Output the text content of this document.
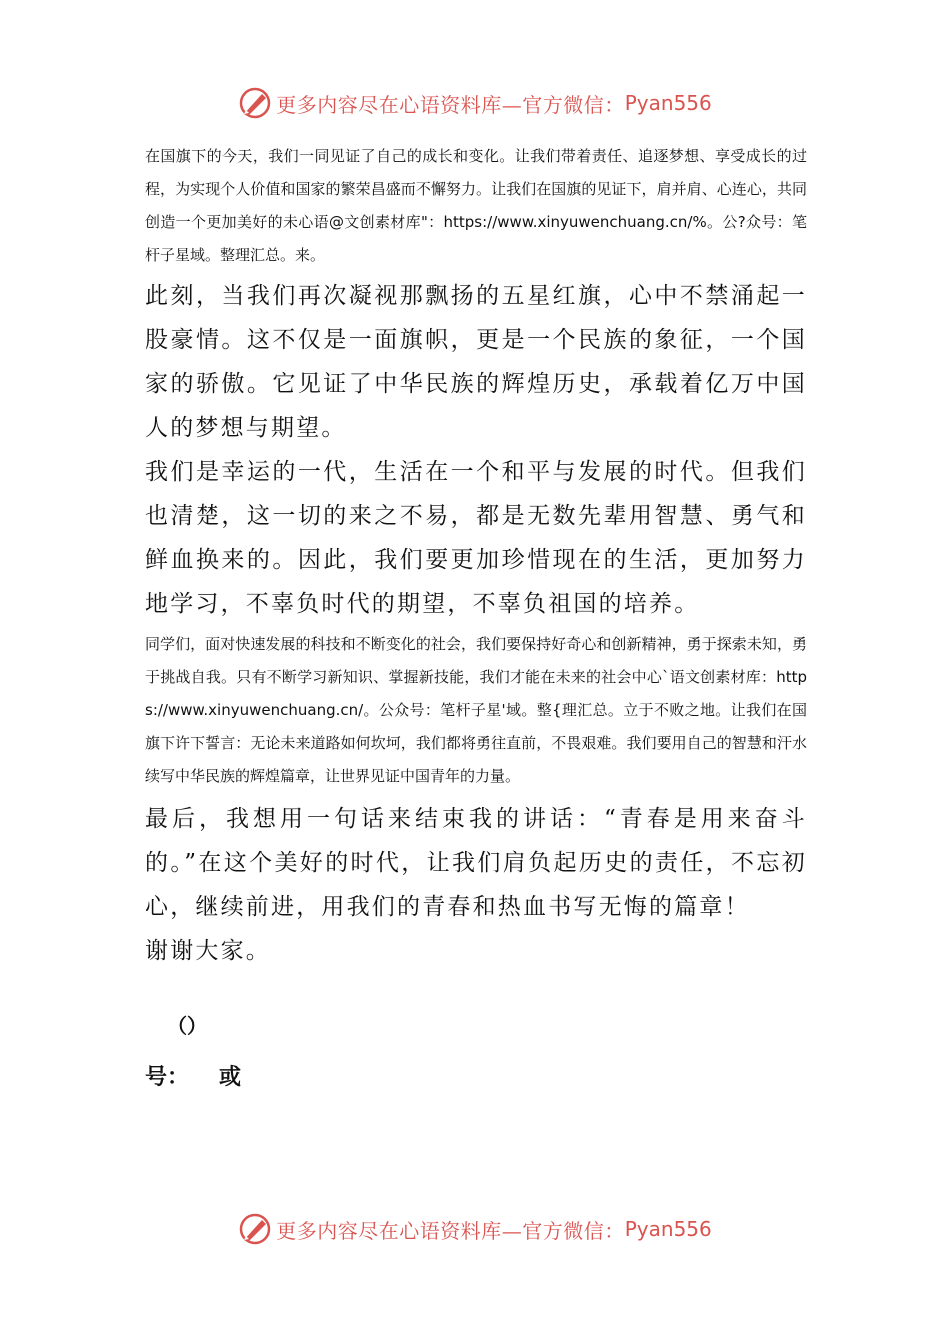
更多内容尽在心语资料库—官方微信： Pyan556

在国旗下的今天，我们一同见证了自己的成长和变化。让我们带着责任、追逐梦想、享受成长的过程，为实现个人价值和国家的繁荣昌盛而不懈努力。让我们在国旗的见证下，肩并肩、心连心，共同创造一个更加美好的未心语@文创素材库"：https://www.xinyuwenchuang.cn/%。公?众号：笔杆子星域。整理汇总。来。

此刻，当我们再次凝视那飘扬的五星红旗，心中不禁涌起一股豪情。这不仅是一面旗帜，更是一个民族的象征，一个国家的骄傲。它见证了中华民族的辉煌历史，承载着亿万中国人的梦想与期望。

我们是幸运的一代，生活在一个和平与发展的时代。但我们也清楚，这一切的来之不易，都是无数先辈用智慧、勇气和鲜血换来的。因此，我们要更加珍惜现在的生活，更加努力地学习，不辜负时代的期望，不辜负祖国的培养。

同学们，面对快速发展的科技和不断变化的社会，我们要保持好奇心和创新精神，勇于探索未知，勇于挑战自我。只有不断学习新知识、掌握新技能，我们才能在未来的社会中心`语文创素材库：https://www.xinyuwenchuang.cn/。公众号：笔杆子星'域。整{理汇总。立于不败之地。让我们在国旗下许下誓言：无论未来道路如何坎坷，我们都将勇往直前，不畏艰难。我们要用自己的智慧和汗水续写中华民族的辉煌篇章，让世界见证中国青年的力量。

最后，我想用一句话来结束我的讲话：“青春是用来奋斗的。”在这个美好的时代，让我们肩负起历史的责任，不忘初心，继续前进，用我们的青春和热血书写无悔的篇章！

谢谢大家。

（）
号： 或
更多内容尽在心语资料库—官方微信： Pyan556
